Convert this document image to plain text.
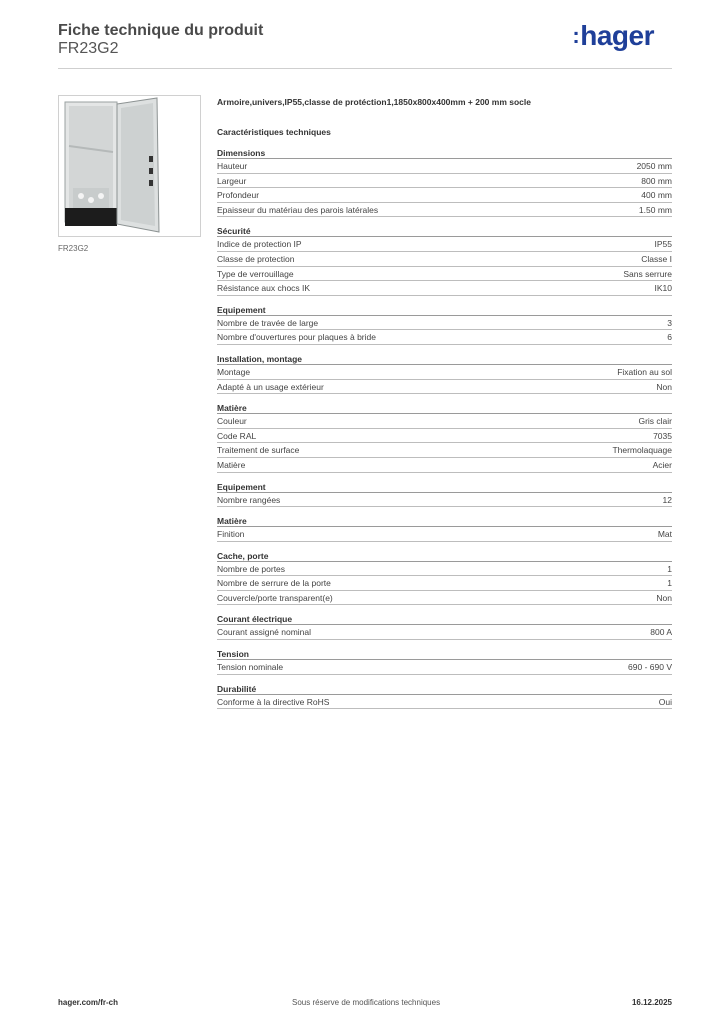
Fiche technique du produit
FR23G2
:hager
FR23G2
Armoire,univers,IP55,classe de protéction1,1850x800x400mm + 200 mm socle
Caractéristiques techniques
Dimensions
Hauteur	2050 mm
Largeur	800 mm
Profondeur	400 mm
Epaisseur du matériau des parois latérales	1.50 mm
Sécurité
Indice de protection IP	IP55
Classe de protection	Classe I
Type de verrouillage	Sans serrure
Résistance aux chocs IK	IK10
Equipement
Nombre de travée de large	3
Nombre d'ouvertures pour plaques à bride	6
Installation, montage
Montage	Fixation au sol
Adapté à un usage extérieur	Non
Matière
Couleur	Gris clair
Code RAL	7035
Traitement de surface	Thermolaquage
Matière	Acier
Equipement
Nombre rangées	12
Matière
Finition	Mat
Cache, porte
Nombre de portes	1
Nombre de serrure de la porte	1
Couvercle/porte transparent(e)	Non
Courant électrique
Courant assigné nominal	800 A
Tension
Tension nominale	690 - 690 V
Durabilité
Conforme à la directive RoHS	Oui
hager.com/fr-ch	Sous réserve de modifications techniques	16.12.2025
